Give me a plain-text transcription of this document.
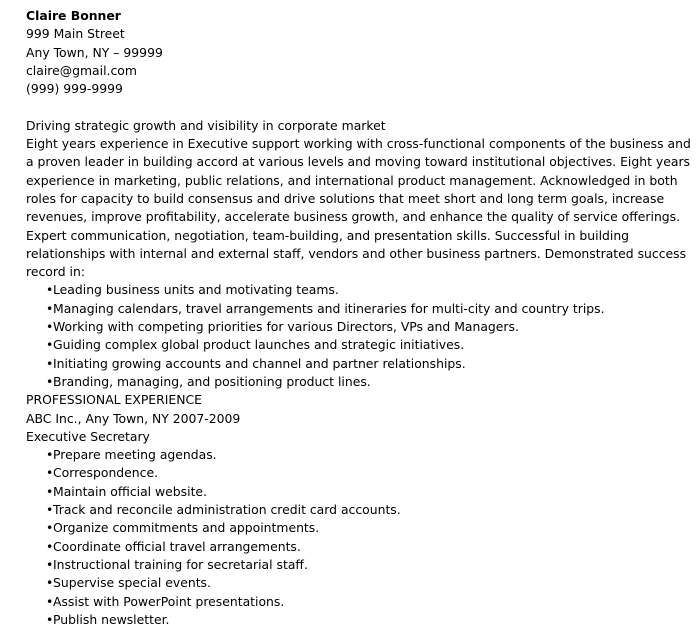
Claire Bonner
999 Main Street
Any Town, NY – 99999
claire@gmail.com
(999) 999-9999
Driving strategic growth and visibility in corporate market
Eight years experience in Executive support working with cross-functional components of the business and
a proven leader in building accord at various levels and moving toward institutional objectives. Eight years
experience in marketing, public relations, and international product management. Acknowledged in both
roles for capacity to build consensus and drive solutions that meet short and long term goals, increase
revenues, improve profitability, accelerate business growth, and enhance the quality of service offerings.
Expert communication, negotiation, team-building, and presentation skills. Successful in building
relationships with internal and external staff, vendors and other business partners. Demonstrated success
record in:
• Leading business units and motivating teams.
• Managing calendars, travel arrangements and itineraries for multi-city and country trips.
• Working with competing priorities for various Directors, VPs and Managers.
• Guiding complex global product launches and strategic initiatives.
• Initiating growing accounts and channel and partner relationships.
• Branding, managing, and positioning product lines.
PROFESSIONAL EXPERIENCE
ABC Inc., Any Town, NY 2007-2009
Executive Secretary
• Prepare meeting agendas.
• Correspondence.
• Maintain official website.
• Track and reconcile administration credit card accounts.
• Organize commitments and appointments.
• Coordinate official travel arrangements.
• Instructional training for secretarial staff.
• Supervise special events.
• Assist with PowerPoint presentations.
• Publish newsletter.
